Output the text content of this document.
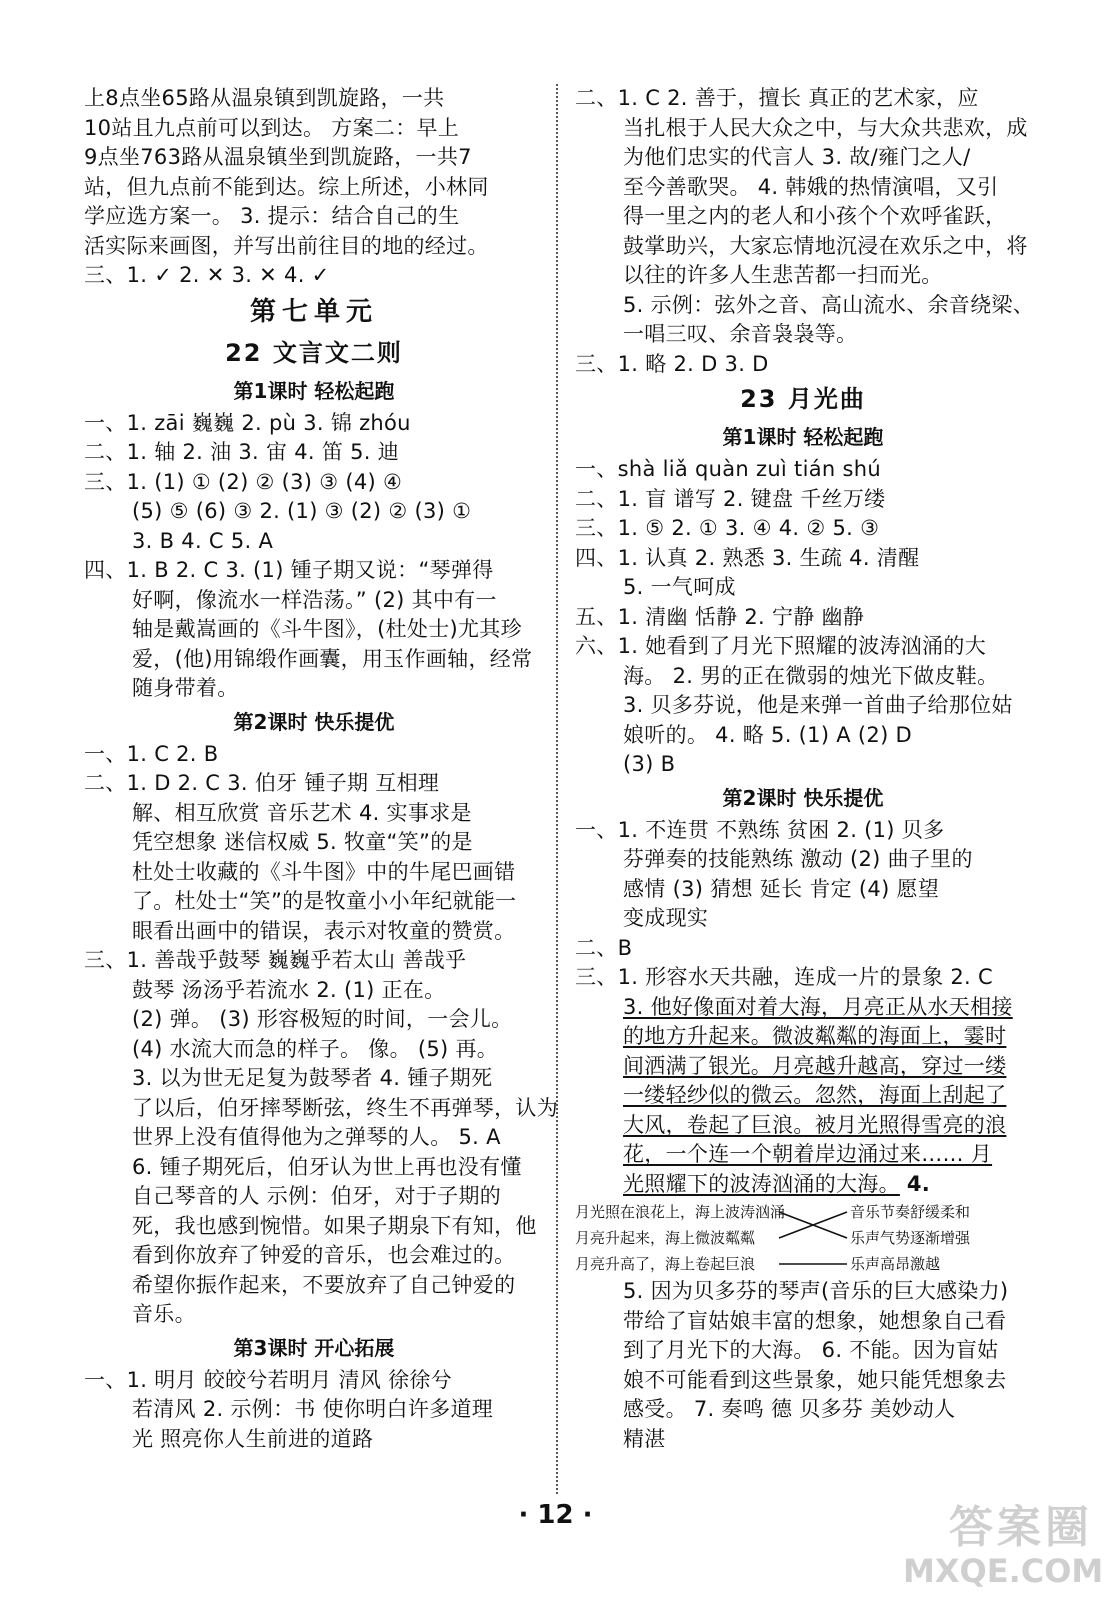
上8点坐65路从温泉镇到凯旋路，一共
10站且九点前可以到达。 方案二：早上
9点坐763路从温泉镇坐到凯旋路，一共7
站，但九点前不能到达。综上所述，小林同
学应选方案一。 3. 提示：结合自己的生
活实际来画图，并写出前往目的地的经过。
三、1. ✓ 2. ✕ 3. ✕ 4. ✓
第七单元
22 文言文二则
第1课时 轻松起跑
一、1. zāi 巍巍 2. pù 3. 锦 zhóu
二、1. 轴 2. 油 3. 宙 4. 笛 5. 迪
三、1. (1) ① (2) ② (3) ③ (4) ④
(5) ⑤ (6) ③ 2. (1) ③ (2) ② (3) ①
3. B 4. C 5. A
四、1. B 2. C 3. (1) 锺子期又说：“琴弹得
好啊，像流水一样浩荡。” (2) 其中有一
轴是戴嵩画的《斗牛图》，(杜处士)尤其珍
爱，(他)用锦缎作画囊，用玉作画轴，经常
随身带着。
第2课时 快乐提优
一、1. C 2. B
二、1. D 2. C 3. 伯牙 锺子期 互相理
解、相互欣赏 音乐艺术 4. 实事求是
凭空想象 迷信权威 5. 牧童“笑”的是
杜处士收藏的《斗牛图》中的牛尾巴画错
了。杜处士“笑”的是牧童小小年纪就能一
眼看出画中的错误，表示对牧童的赞赏。
三、1. 善哉乎鼓琴 巍巍乎若太山 善哉乎
鼓琴 汤汤乎若流水 2. (1) 正在。
(2) 弹。 (3) 形容极短的时间，一会儿。
(4) 水流大而急的样子。 像。 (5) 再。
3. 以为世无足复为鼓琴者 4. 锺子期死
了以后，伯牙摔琴断弦，终生不再弹琴，认为
世界上没有值得他为之弹琴的人。 5. A
6. 锺子期死后，伯牙认为世上再也没有懂
自己琴音的人 示例：伯牙，对于子期的
死，我也感到惋惜。如果子期泉下有知，他
看到你放弃了钟爱的音乐，也会难过的。
希望你振作起来，不要放弃了自己钟爱的
音乐。
第3课时 开心拓展
一、1. 明月 皎皎兮若明月 清风 徐徐兮
若清风 2. 示例：书 使你明白许多道理
光 照亮你人生前进的道路
二、1. C 2. 善于，擅长 真正的艺术家，应
当扎根于人民大众之中，与大众共悲欢，成
为他们忠实的代言人 3. 故/雍门之人/
至今善歌哭。 4. 韩娥的热情演唱，又引
得一里之内的老人和小孩个个欢呼雀跃，
鼓掌助兴，大家忘情地沉浸在欢乐之中，将
以往的许多人生悲苦都一扫而光。
5. 示例：弦外之音、高山流水、余音绕梁、
一唱三叹、余音袅袅等。
三、1. 略 2. D 3. D
23 月光曲
第1课时 轻松起跑
一、shà liǎ quàn zuì tián shú
二、1. 盲 谱写 2. 键盘 千丝万缕
三、1. ⑤ 2. ① 3. ④ 4. ② 5. ③
四、1. 认真 2. 熟悉 3. 生疏 4. 清醒
5. 一气呵成
五、1. 清幽 恬静 2. 宁静 幽静
六、1. 她看到了月光下照耀的波涛汹涌的大
海。 2. 男的正在微弱的烛光下做皮鞋。
3. 贝多芬说，他是来弹一首曲子给那位姑
娘听的。 4. 略 5. (1) A (2) D
(3) B
第2课时 快乐提优
一、1. 不连贯 不熟练 贫困 2. (1) 贝多
芬弹奏的技能熟练 激动 (2) 曲子里的
感情 (3) 猜想 延长 肯定 (4) 愿望
变成现实
二、B
三、1. 形容水天共融，连成一片的景象 2. C
3. 他好像面对着大海，月亮正从水天相接
的地方升起来。微波粼粼的海面上，霎时
间洒满了银光。月亮越升越高，穿过一缕
一缕轻纱似的微云。忽然，海面上刮起了
大风，卷起了巨浪。被月光照得雪亮的浪
花，一个连一个朝着岸边涌过来…… 月
光照耀下的波涛汹涌的大海。 4.
月光照在浪花上，海上波涛汹涌
月亮升起来，海上微波粼粼
月亮升高了，海上卷起巨浪
音乐节奏舒缓柔和
乐声气势逐渐增强
乐声高昂激越
5. 因为贝多芬的琴声(音乐的巨大感染力)
带给了盲姑娘丰富的想象，她想象自己看
到了月光下的大海。 6. 不能。因为盲姑
娘不可能看到这些景象，她只能凭想象去
感受。 7. 奏鸣 德 贝多芬 美妙动人
精湛
· 12 ·	答案圈
MXQE.COM
